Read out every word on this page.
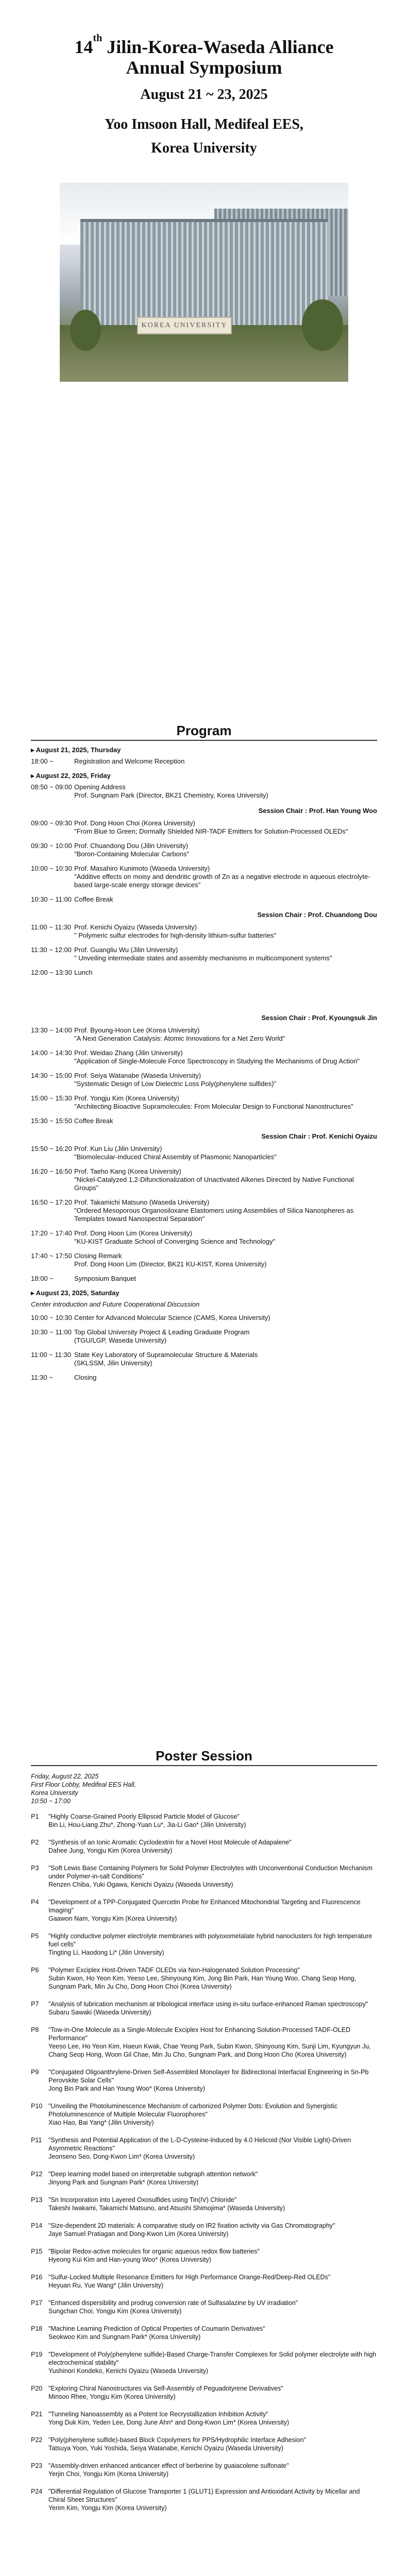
14th Jilin-Korea-Waseda Alliance

Annual Symposium

August 21 ~ 23, 2025

Yoo Imsoon Hall, Medifeal EES,

Korea University

KOREA UNIVERSITY

Program

▸ August 21, 2025, Thursday
18:00 ~	Registration and Welcome Reception
▸ August 22, 2025, Friday
08:50 ~ 09:00 Opening Address
Prof. Sungnam Park (Director, BK21 Chemistry, Korea University)
Session Chair : Prof. Han Young Woo
09:00 ~ 09:30 Prof. Dong Hoon Choi (Korea University)
"From Blue to Green; Dormally Shielded NIR-TADF Emitters for Solution-Processed OLEDs"
09:30 ~ 10:00 Prof. Chuandong Dou (Jilin University)
"Boron-Containing Molecular Carbons"
10:00 ~ 10:30 Prof. Masahiro Kunimoto (Waseda University)
"Additive effects on moisy and dendritic growth of Zn as a negative electrode in aqueous electrolyte-based large-scale energy storage devices"
10:30 ~ 11:00 Coffee Break
Session Chair : Prof. Chuandong Dou
11:00 ~ 11:30 Prof. Kenichi Oyaizu (Waseda University)
" Polymeric sulfur electrodes for high-density lithium-sulfur batteries"
11:30 ~ 12:00 Prof. Guangliu Wu (Jilin University)
" Unveiling intermediate states and assembly mechanisms in multicomponent systems"
12:00 ~ 13:30 Lunch
Session Chair : Prof. Kyoungsuk Jin
13:30 ~ 14:00 Prof. Byoung-Hoon Lee (Korea University)
"A Next Generation Catalysis: Atomic Innovations for a Net Zero World"
14:00 ~ 14:30 Prof. Weidao Zhang (Jilin University)
"Application of Single-Molecule Force Spectroscopy in Studying the Mechanisms of Drug Action"
14:30 ~ 15:00 Prof. Seiya Watanabe (Waseda University)
"Systematic Design of Low Dielectric Loss Poly(phenylene sulfides)"
15:00 ~ 15:30 Prof. Yongju Kim (Korea University)
"Architecting Bioactive Supramolecules: From Molecular Design to Functional Nanostructures"
15:30 ~ 15:50 Coffee Break
Session Chair : Prof. Kenichi Oyaizu
15:50 ~ 16:20 Prof. Kun Liu (Jilin University)
"Biomolecular-Induced Chiral Assembly of Plasmonic Nanoparticles"
16:20 ~ 16:50 Prof. Taeho Kang (Korea University)
"Nickel-Catalyzed 1,2-Difunctionalization of Unactivated Alkenes Directed by Native Functional Groups"
16:50 ~ 17:20 Prof. Takamichi Matsuno (Waseda University)
"Ordered Mesoporous Organosiloxane Elastomers using Assemblies of Silica Nanospheres as Templates toward Nanospectral Separation"
17:20 ~ 17:40 Prof. Dong Hoon Lim (Korea University)
"KU-KIST Graduate School of Converging Science and Technology"
17:40 ~ 17:50 Closing Remark
Prof. Dong Hoon Lim (Director, BK21 KU-KIST, Korea University)
18:00 ~	Symposium Banquet
▸ August 23, 2025, Saturday
Center introduction and Future Cooperational Discussion
10:00 ~ 10:30 Center for Advanced Molecular Science (CAMS, Korea University)
10:30 ~ 11:00 Top Global University Project & Leading Graduate Program
(TGU/LGP, Waseda University)
11:00 ~ 11:30 State Key Laboratory of Supramolecular Structure & Materials
(SKLSSM, Jilin University)
11:30 ~	Closing

Poster Session

Friday, August 22, 2025
First Floor Lobby, Medifeal EES Hall,
Korea University
10:50 ~ 17:00
P1	"Highly Coarse-Grained Poorly Ellipsoid Particle Model of Glucose"
Bin Li, Hou-Liang Zhu*, Zhong-Yuan Lu*, Jia-Li Gao* (Jilin University)
P2	"Synthesis of an Ionic Aromatic Cyclodextrin for a Novel Host Molecule of Adapalene"
Dahee Jung, Yongju Kim (Korea University)
P3	"Soft Lewis Base Containing Polymers for Solid Polymer Electrolytes with Unconventional Conduction Mechanism under Polymer-in-salt Conditions"
Renzen Chiba, Yuki Ogawa, Kenichi Oyaizu (Waseda University)
P4	"Development of a TPP-Conjugated Quercetin Probe for Enhanced Mitochondrial Targeting and Fluorescence Imaging"
Gaawon Nam, Yongju Kim (Korea University)
P5	"Highly conductive polymer electrolyte membranes with polyoxometalate hybrid nanoclusters for high temperature fuel cells"
Tingting Li, Haodong Li* (Jilin University)
P6	"Polymer Exciplex Host-Driven TADF OLEDs via Non-Halogenated Solution Processing"
Subin Kwon, Ho Yeon Kim, Yeeso Lee, Shinyoung Kim, Jong Bin Park, Han Young Woo, Chang Seop Hong, Sungnam Park, Min Ju Cho, Dong Hoon Choi (Korea University)
P7	"Analysis of lubrication mechanism at tribological interface using in-situ surface-enhanced Raman spectroscopy"
Subaru Sawaki (Waseda University)
P8	"Tow-in-One Molecule as a Single-Molecule Exciplex Host for Enhancing Solution-Processed TADF-OLED Performance"
Yeeso Lee, Ho Yeon Kim, Haeun Kwak, Chae Yeong Park, Subin Kwon, Shinyoung Kim, Sunji Lim, Kyungyun Ju, Chang Seop Hong, Woon Gil Chae, Min Ju Cho, Sungnam Park, and Dong Hoon Cho (Korea University)
P9	"Conjugated Oligoanthrylene-Driven Self-Assembled Monolayer for Bidirectional Interfacial Engineering in Sn-Pb Perovskite Solar Cells"
Jong Bin Park and Han Young Woo* (Korea University)
P10 "Unveiling the Photoluminescence Mechanism of carbonized Polymer Dots: Evolution and Synergistic Photoluminescence of Multiple Molecular Fluorophores"
Xiao Hao, Bai Yang* (Jilin University)
P11	"Synthesis and Potential Application of the L-D-Cysteine-Induced by 4.0 Helicoid (Nor Visible Light)-Driven Asymmetric Reactions"
Jeonseno Seo, Dong-Kwon Lim* (Korea University)
P12 "Deep learning model based on interpretable subgraph attention network"
Jinyong Park and Sungnam Park* (Korea University)
P13 "Sn Incorporation into Layered Oxosulfides using Tin(IV) Chloride"
Takeshi Iwakami, Takamichi Matsuno, and Atsushi Shimojima* (Waseda University)
P14 "Size-dependent 2D materials: A comparative study on IR2 fixation activity via Gas Chromatography"
Jaye Samuel Pratiagan and Dong-Kwon Lim (Korea University)
P15 "Bipolar Redox-active molecules for organic aqueous redox flow batteries"
Hyeong Kui Kim and Han-young Woo* (Korea University)
P16 "Sulfur-Locked Multiple Resonance Emitters for High Performance Orange-Red/Deep-Red OLEDs"
Heyuan Ru, Yue Wang* (Jilin University)
P17 "Enhanced dispersibility and prodrug conversion rate of Sulfasalazine by UV irradiation"
Sungchan Choi, Yongju Kim (Korea University)
P18 "Machine Learning Prediction of Optical Properties of Coumarin Derivatives"
Seokwoo Kim and Sungnam Park* (Korea University)
P19 "Development of Poly(phenylene sulfide)-Based Charge-Transfer Complexes for Solid polymer electrolyte with high electrochemical stability"
Yushinori Kondeko, Kenichi Oyaizu (Waseda University)
P20 "Exploring Chiral Nanostructures via Self-Assembly of Peguadotyrene Derivatives"
Minsoo Rhee, Yongju Kim (Korea University)
P21 "Tunneling Nanoassembly as a Potent Ice Recrystallization Inhibition Activity"
Yong Duk Kim, Yeden Lee, Dong June Ahn* and Dong-Kwon Lim* (Korea University)
P22 "Poly(phenylene sulfide)-based Block Copolymers for PPS/Hydrophilic Interface Adhesion"
Tatsuya Yoon, Yuki Yoshida, Seiya Watanabe, Kenichi Oyaizu (Waseda University)
P23 "Assembly-driven enhanced anticancer effect of berberine by guaiacolene sulfonate"
Yerjin Choi, Yongju Kim (Korea University)
P24 "Differential Regulation of Glucose Transporter 1 (GLUT1) Expression and Antioxidant Activity by Micellar and Chiral Sheet Structures"
Yerim Kim, Yongju Kim (Korea University)
